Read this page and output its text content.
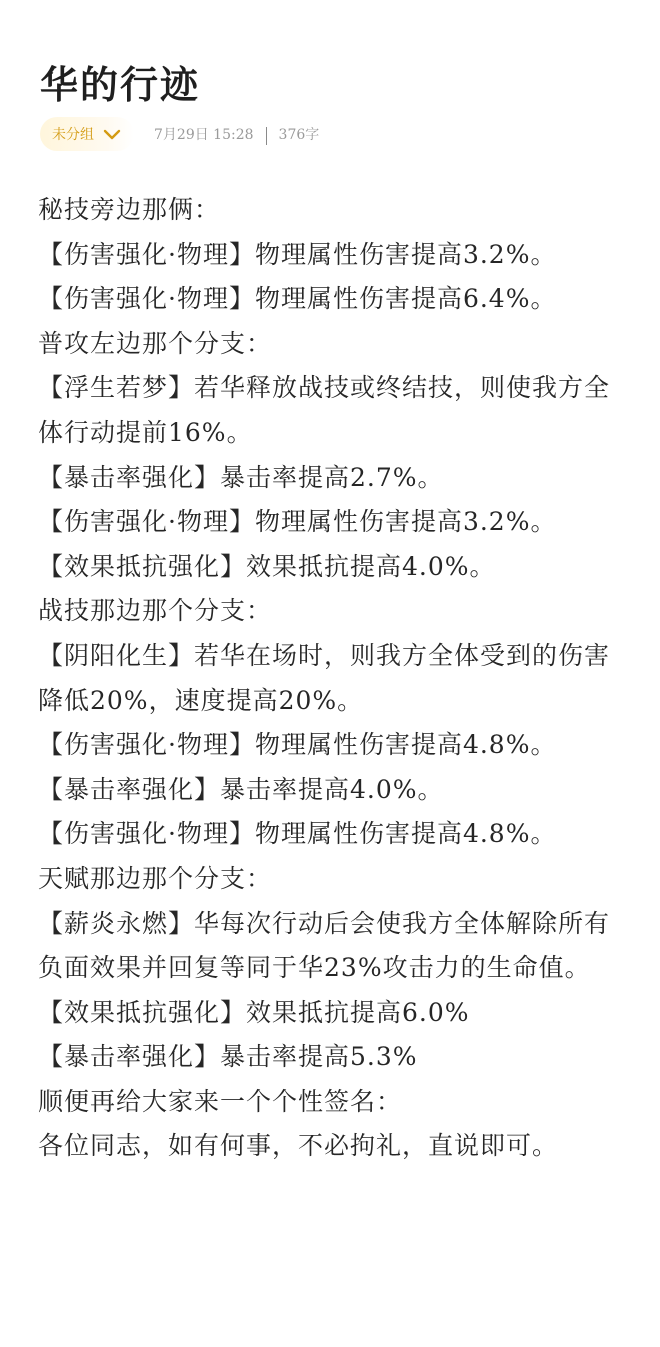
华的行迹
未分组	7月29日 15:28 376字

秘技旁边那俩：

【伤害强化·物理】物理属性伤害提高3.2%。

【伤害强化·物理】物理属性伤害提高6.4%。

普攻左边那个分支：

【浮生若梦】若华释放战技或终结技，则使我方全体行动提前16%。

【暴击率强化】暴击率提高2.7%。

【伤害强化·物理】物理属性伤害提高3.2%。

【效果抵抗强化】效果抵抗提高4.0%。

战技那边那个分支：

【阴阳化生】若华在场时，则我方全体受到的伤害降低20%，速度提高20%。

【伤害强化·物理】物理属性伤害提高4.8%。

【暴击率强化】暴击率提高4.0%。

【伤害强化·物理】物理属性伤害提高4.8%。

天赋那边那个分支：

【薪炎永燃】华每次行动后会使我方全体解除所有负面效果并回复等同于华23%攻击力的生命值。

【效果抵抗强化】效果抵抗提高6.0%

【暴击率强化】暴击率提高5.3%

顺便再给大家来一个个性签名：

各位同志，如有何事，不必拘礼，直说即可。
